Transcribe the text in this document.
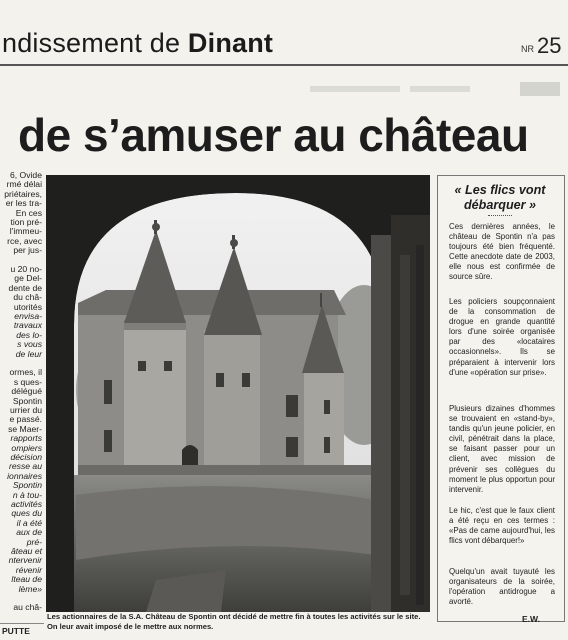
ndissement de Dinant	NR 25
de s’amuser au château
6, Ovide
rmé délai
priétaires,
er les tra-
En ces
tion pré-
l'immeu-
rce, avec
per jus-
u 20 no-
ge Del-
dente de
du châ-
utorités
envisa-
travaux
des lo-
s vous
de leur
ormes, il
s ques-
délégué
Spontin
urrier du
e passé.
se Maer-
rapports
ompiers
décision
resse au
ionnaires
Spontin
n à tou-
activités
ques du
il a été
aux de
pré-
âteau et
ntervenir
révenir
lteau de
lème»
au châ-
Les actionnaires de la S.A. Château de Spontin ont décidé de mettre fin à toutes les activités sur le site. On leur avait imposé de le mettre aux normes.
PUTTE
« Les flics vont débarquer »
Ces dernières années, le château de Spontin n'a pas toujours été bien fréquenté. Cette anecdote date de 2003, elle nous est confirmée de source sûre.
Les policiers soupçonnaient de la consommation de drogue en grande quantité lors d'une soirée organisée par des «locataires occasionnels». Ils se préparaient à intervenir lors d'une «opération sur prise».
Plusieurs dizaines d'hommes se trouvaient en «stand-by», tandis qu'un jeune policier, en civil, pénétrait dans la place, se faisant passer pour un client, avec mission de prévenir ses collègues du moment le plus opportun pour intervenir.
Le hic, c'est que le faux client a été reçu en ces termes : «Pas de came aujourd'hui, les flics vont débarquer!»
Quelqu'un avait tuyauté les organisateurs de la soirée, l'opération antidrogue a avorté.
E.W.
